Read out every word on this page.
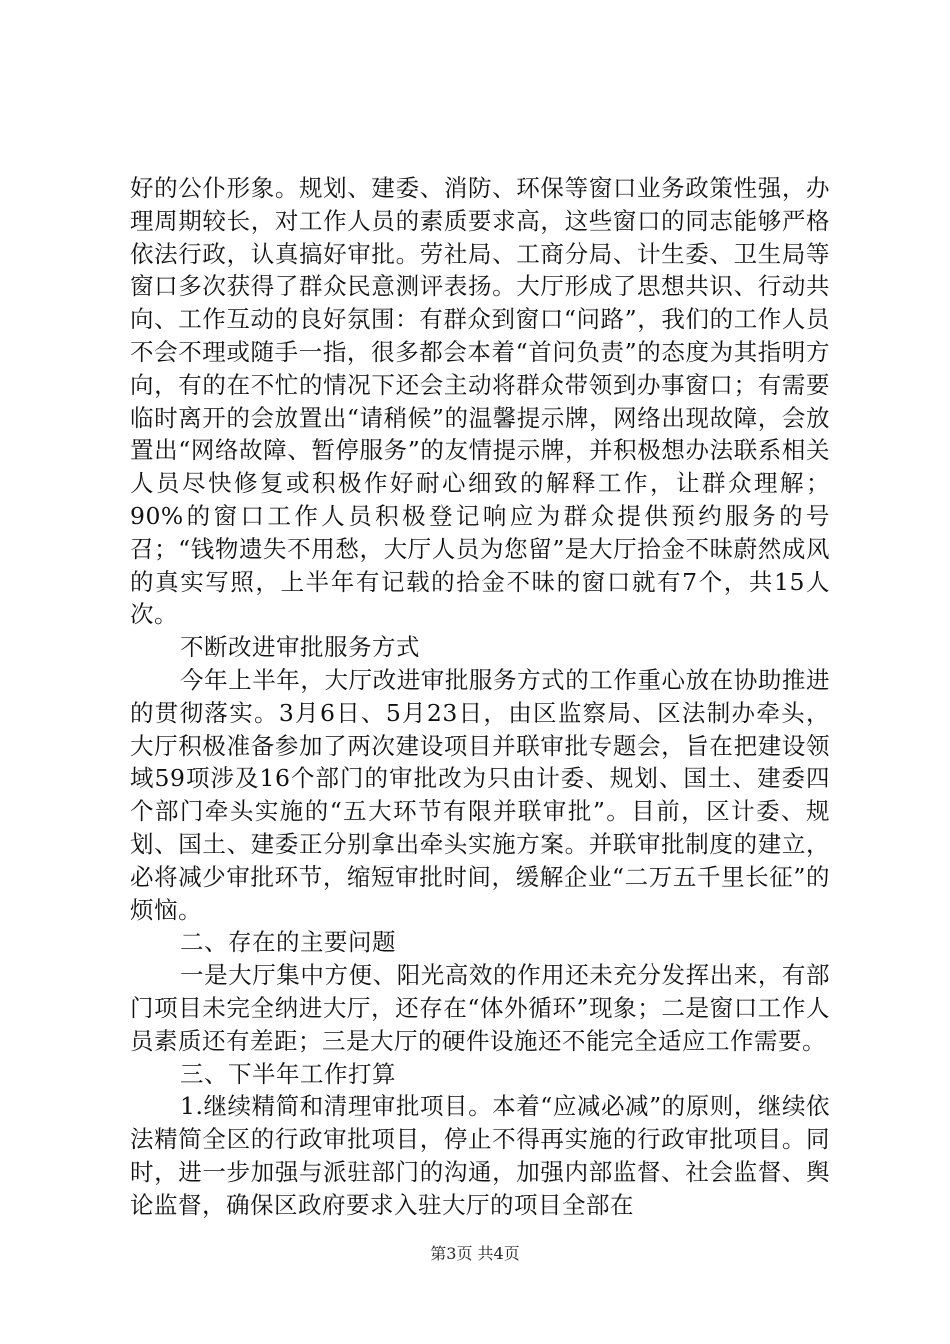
好的公仆形象。规划、建委、消防、环保等窗口业务政策性强，办理周期较长，对工作人员的素质要求高，这些窗口的同志能够严格依法行政，认真搞好审批。劳社局、工商分局、计生委、卫生局等窗口多次获得了群众民意测评表扬。大厅形成了思想共识、行动共向、工作互动的良好氛围：有群众到窗口“问路”，我们的工作人员不会不理或随手一指，很多都会本着“首问负责”的态度为其指明方向，有的在不忙的情况下还会主动将群众带领到办事窗口；有需要临时离开的会放置出“请稍候”的温馨提示牌，网络出现故障，会放置出“网络故障、暂停服务”的友情提示牌，并积极想办法联系相关人员尽快修复或积极作好耐心细致的解释工作，让群众理解；90%的窗口工作人员积极登记响应为群众提供预约服务的号召；“钱物遗失不用愁，大厅人员为您留”是大厅拾金不昧蔚然成风的真实写照，上半年有记载的拾金不昧的窗口就有7个，共15人次。

不断改进审批服务方式

今年上半年，大厅改进审批服务方式的工作重心放在协助推进的贯彻落实。3月6日、5月23日，由区监察局、区法制办牵头，大厅积极准备参加了两次建设项目并联审批专题会，旨在把建设领域59项涉及16个部门的审批改为只由计委、规划、国土、建委四个部门牵头实施的“五大环节有限并联审批”。目前，区计委、规划、国土、建委正分别拿出牵头实施方案。并联审批制度的建立，必将减少审批环节，缩短审批时间，缓解企业“二万五千里长征”的烦恼。

二、存在的主要问题

一是大厅集中方便、阳光高效的作用还未充分发挥出来，有部门项目未完全纳进大厅，还存在“体外循环”现象；二是窗口工作人员素质还有差距；三是大厅的硬件设施还不能完全适应工作需要。

三、下半年工作打算

1.继续精简和清理审批项目。本着“应减必减”的原则，继续依法精简全区的行政审批项目，停止不得再实施的行政审批项目。同时，进一步加强与派驻部门的沟通，加强内部监督、社会监督、舆论监督，确保区政府要求入驻大厅的项目全部在

第3页 共4页
